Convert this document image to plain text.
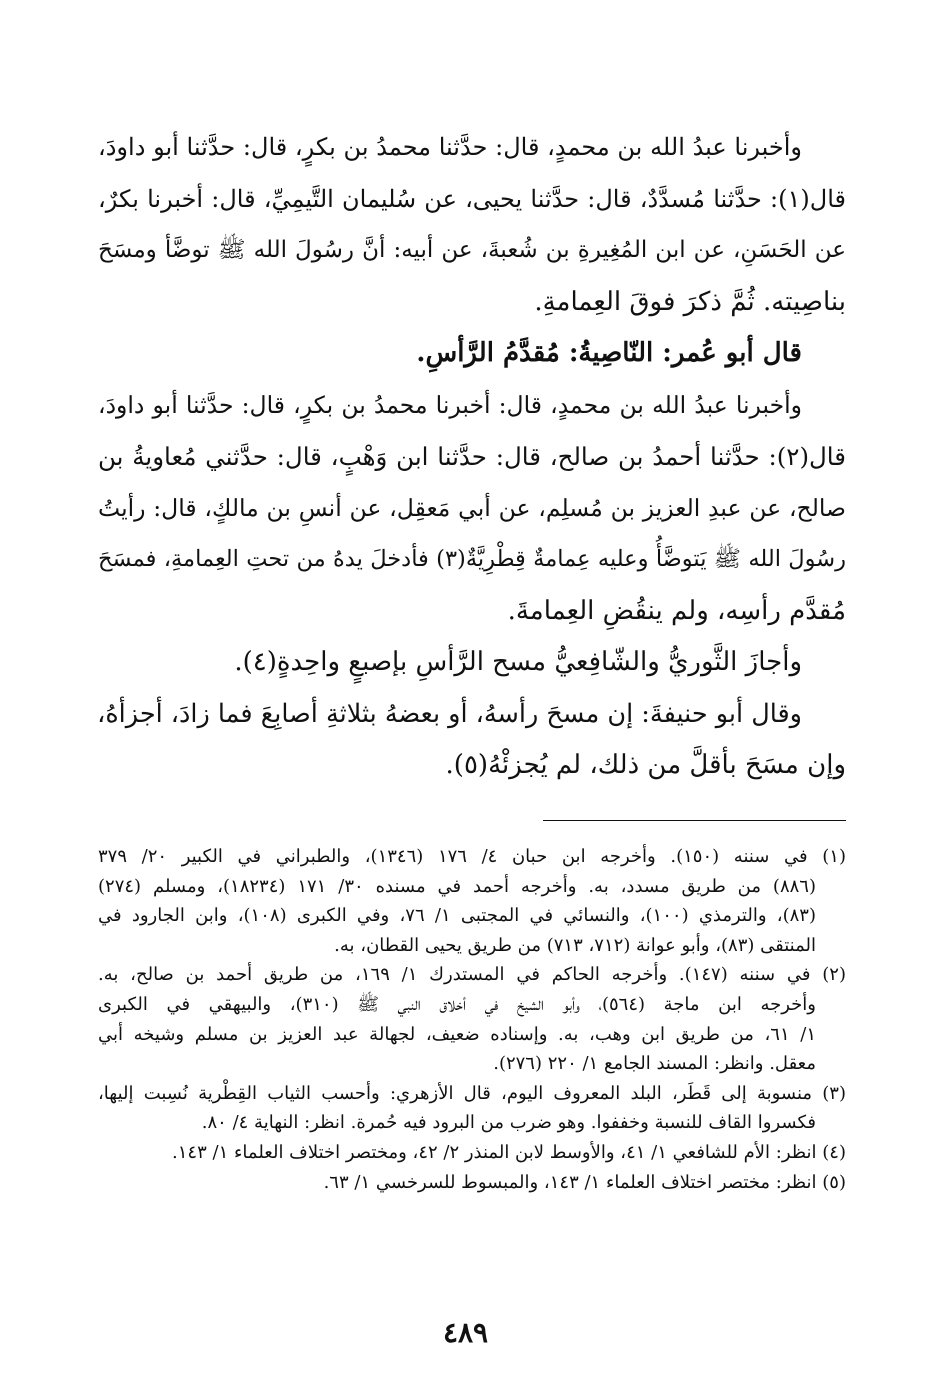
وأخبرنا عبدُ الله بن محمدٍ، قال: حدَّثنا محمدُ بن بكرٍ، قال: حدَّثنا أبو داودَ،
قال(١): حدَّثنا مُسدَّدٌ، قال: حدَّثنا يحيى، عن سُليمان التَّيمِيِّ، قال: أخبرنا بكرٌ،
عن الحَسَنِ، عن ابن المُغِيرةِ بن شُعبةَ، عن أبيه: أنَّ رسُولَ الله ﷺ توضَّأ ومسَحَ
بناصِيته. ثُمَّ ذكرَ فوقَ العِمامةِ.
قال أبو عُمر: النّاصِيةُ: مُقدَّمُ الرَّأسِ.
وأخبرنا عبدُ الله بن محمدٍ، قال: أخبرنا محمدُ بن بكرٍ، قال: حدَّثنا أبو داودَ،
قال(٢): حدَّثنا أحمدُ بن صالح، قال: حدَّثنا ابن وَهْبٍ، قال: حدَّثني مُعاويةُ بن
صالح، عن عبدِ العزيز بن مُسلِم، عن أبي مَعقِل، عن أنسِ بن مالكٍ، قال: رأيتُ
رسُولَ الله ﷺ يَتوضَّأُ وعليه عِمامةٌ قِطْرِيَّةٌ(٣) فأدخلَ يدهُ من تحتِ العِمامةِ، فمسَحَ
مُقدَّم رأسِه، ولم ينقُضِ العِمامةَ.
وأجازَ الثَّوريُّ والشّافِعيُّ مسح الرَّأسِ بإصبعٍ واحِدةٍ(٤).
وقال أبو حنيفةَ: إن مسحَ رأسهُ، أو بعضهُ بثلاثةِ أصابِعَ فما زادَ، أجزأهُ،
وإن مسَحَ بأقلَّ من ذلك، لم يُجزئْهُ(٥).
(١) في سننه (١٥٠). وأخرجه ابن حبان ٤/ ١٧٦ (١٣٤٦)، والطبراني في الكبير ٢٠/ ٣٧٩
(٨٨٦) من طريق مسدد، به. وأخرجه أحمد في مسنده ٣٠/ ١٧١ (١٨٢٣٤)، ومسلم (٢٧٤)
(٨٣)، والترمذي (١٠٠)، والنسائي في المجتبى ١/ ٧٦، وفي الكبرى (١٠٨)، وابن الجارود في
المنتقى (٨٣)، وأبو عوانة (٧١٢، ٧١٣) من طريق يحيى القطان، به.
(٢) في سننه (١٤٧). وأخرجه الحاكم في المستدرك ١/ ١٦٩، من طريق أحمد بن صالح، به.
وأخرجه ابن ماجة (٥٦٤)، وأبو الشيخ في أخلاق النبي ﷺ (٣١٠)، والبيهقي في الكبرى
١/ ٦١، من طريق ابن وهب، به. وإسناده ضعيف، لجهالة عبد العزيز بن مسلم وشيخه أبي
معقل. وانظر: المسند الجامع ١/ ٢٢٠ (٢٧٦).
(٣) منسوبة إلى قَطَر، البلد المعروف اليوم، قال الأزهري: وأحسب الثياب القِطْرية نُسِبت إليها،
فكسروا القاف للنسبة وخففوا. وهو ضرب من البرود فيه حُمرة. انظر: النهاية ٤/ ٨٠.
(٤) انظر: الأم للشافعي ١/ ٤١، والأوسط لابن المنذر ٢/ ٤٢، ومختصر اختلاف العلماء ١/ ١٤٣.
(٥) انظر: مختصر اختلاف العلماء ١/ ١٤٣، والمبسوط للسرخسي ١/ ٦٣.
٤٨٩
